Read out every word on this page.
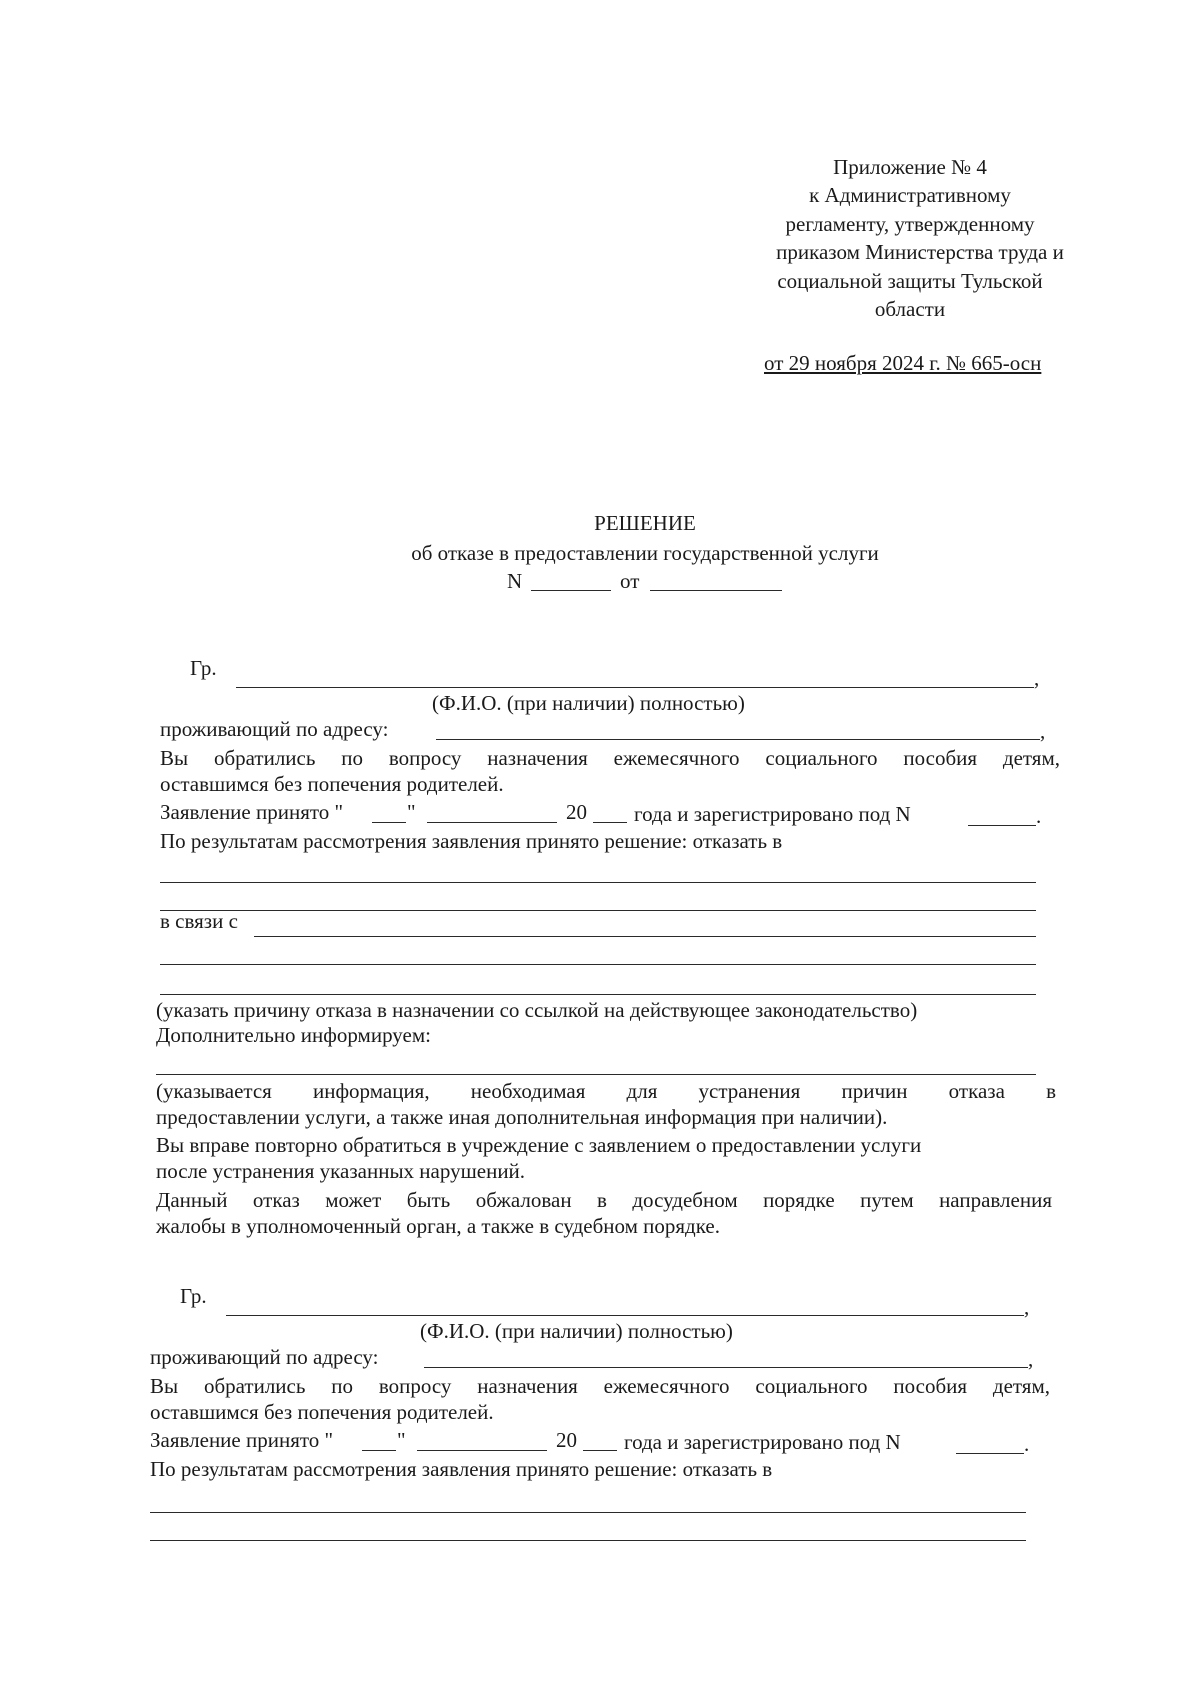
Приложение № 4
к Административному
регламенту, утвержденному
приказом Министерства труда и
социальной защиты Тульской
области
от 29 ноября 2024 г. № 665-осн
РЕШЕНИЕ
об отказе в предоставлении государственной услуги
N	от
Гр.	,
(Ф.И.О. (при наличии) полностью)
проживающий по адресу:	,
Вы обратились по вопросу назначения ежемесячного социального пособия детям,
оставшимся без попечения родителей.
Заявление принято "	"	20 года и зарегистрировано под N	.
По результатам рассмотрения заявления принято решение: отказать в
в связи с
(указать причину отказа в назначении со ссылкой на действующее законодательство)
Дополнительно информируем:
(указывается информация, необходимая для устранения причин отказа в
предоставлении услуги, а также иная дополнительная информация при наличии).
Вы вправе повторно обратиться в учреждение с заявлением о предоставлении услуги
после устранения указанных нарушений.
Данный отказ может быть обжалован в досудебном порядке путем направления
жалобы в уполномоченный орган, а также в судебном порядке.
Гр.	,
(Ф.И.О. (при наличии) полностью)
проживающий по адресу:	,
Вы обратились по вопросу назначения ежемесячного социального пособия детям,
оставшимся без попечения родителей.
Заявление принято "	"	20 года и зарегистрировано под N	.
По результатам рассмотрения заявления принято решение: отказать в
